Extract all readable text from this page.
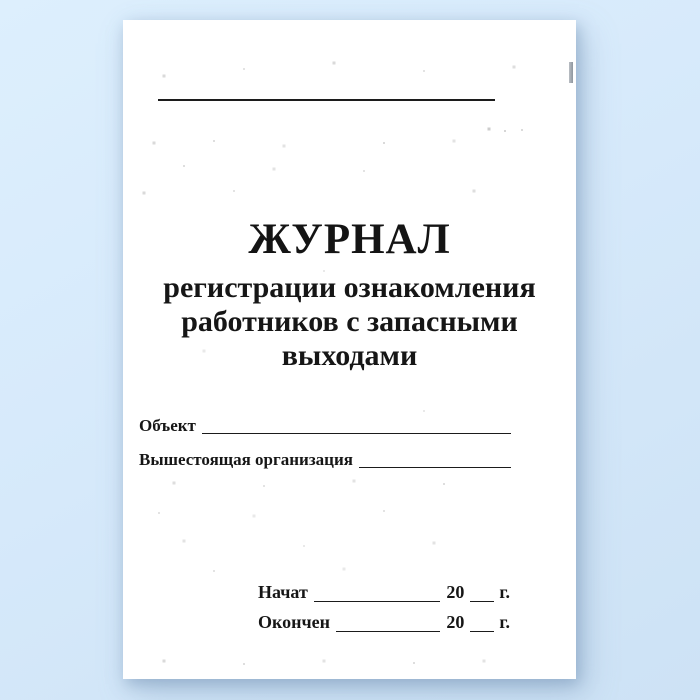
ЖУРНАЛ
регистрации ознакомления
работников с запасными
выходами
Объект
Вышестоящая организация
Начат	20 г.
Окончен	20 г.
